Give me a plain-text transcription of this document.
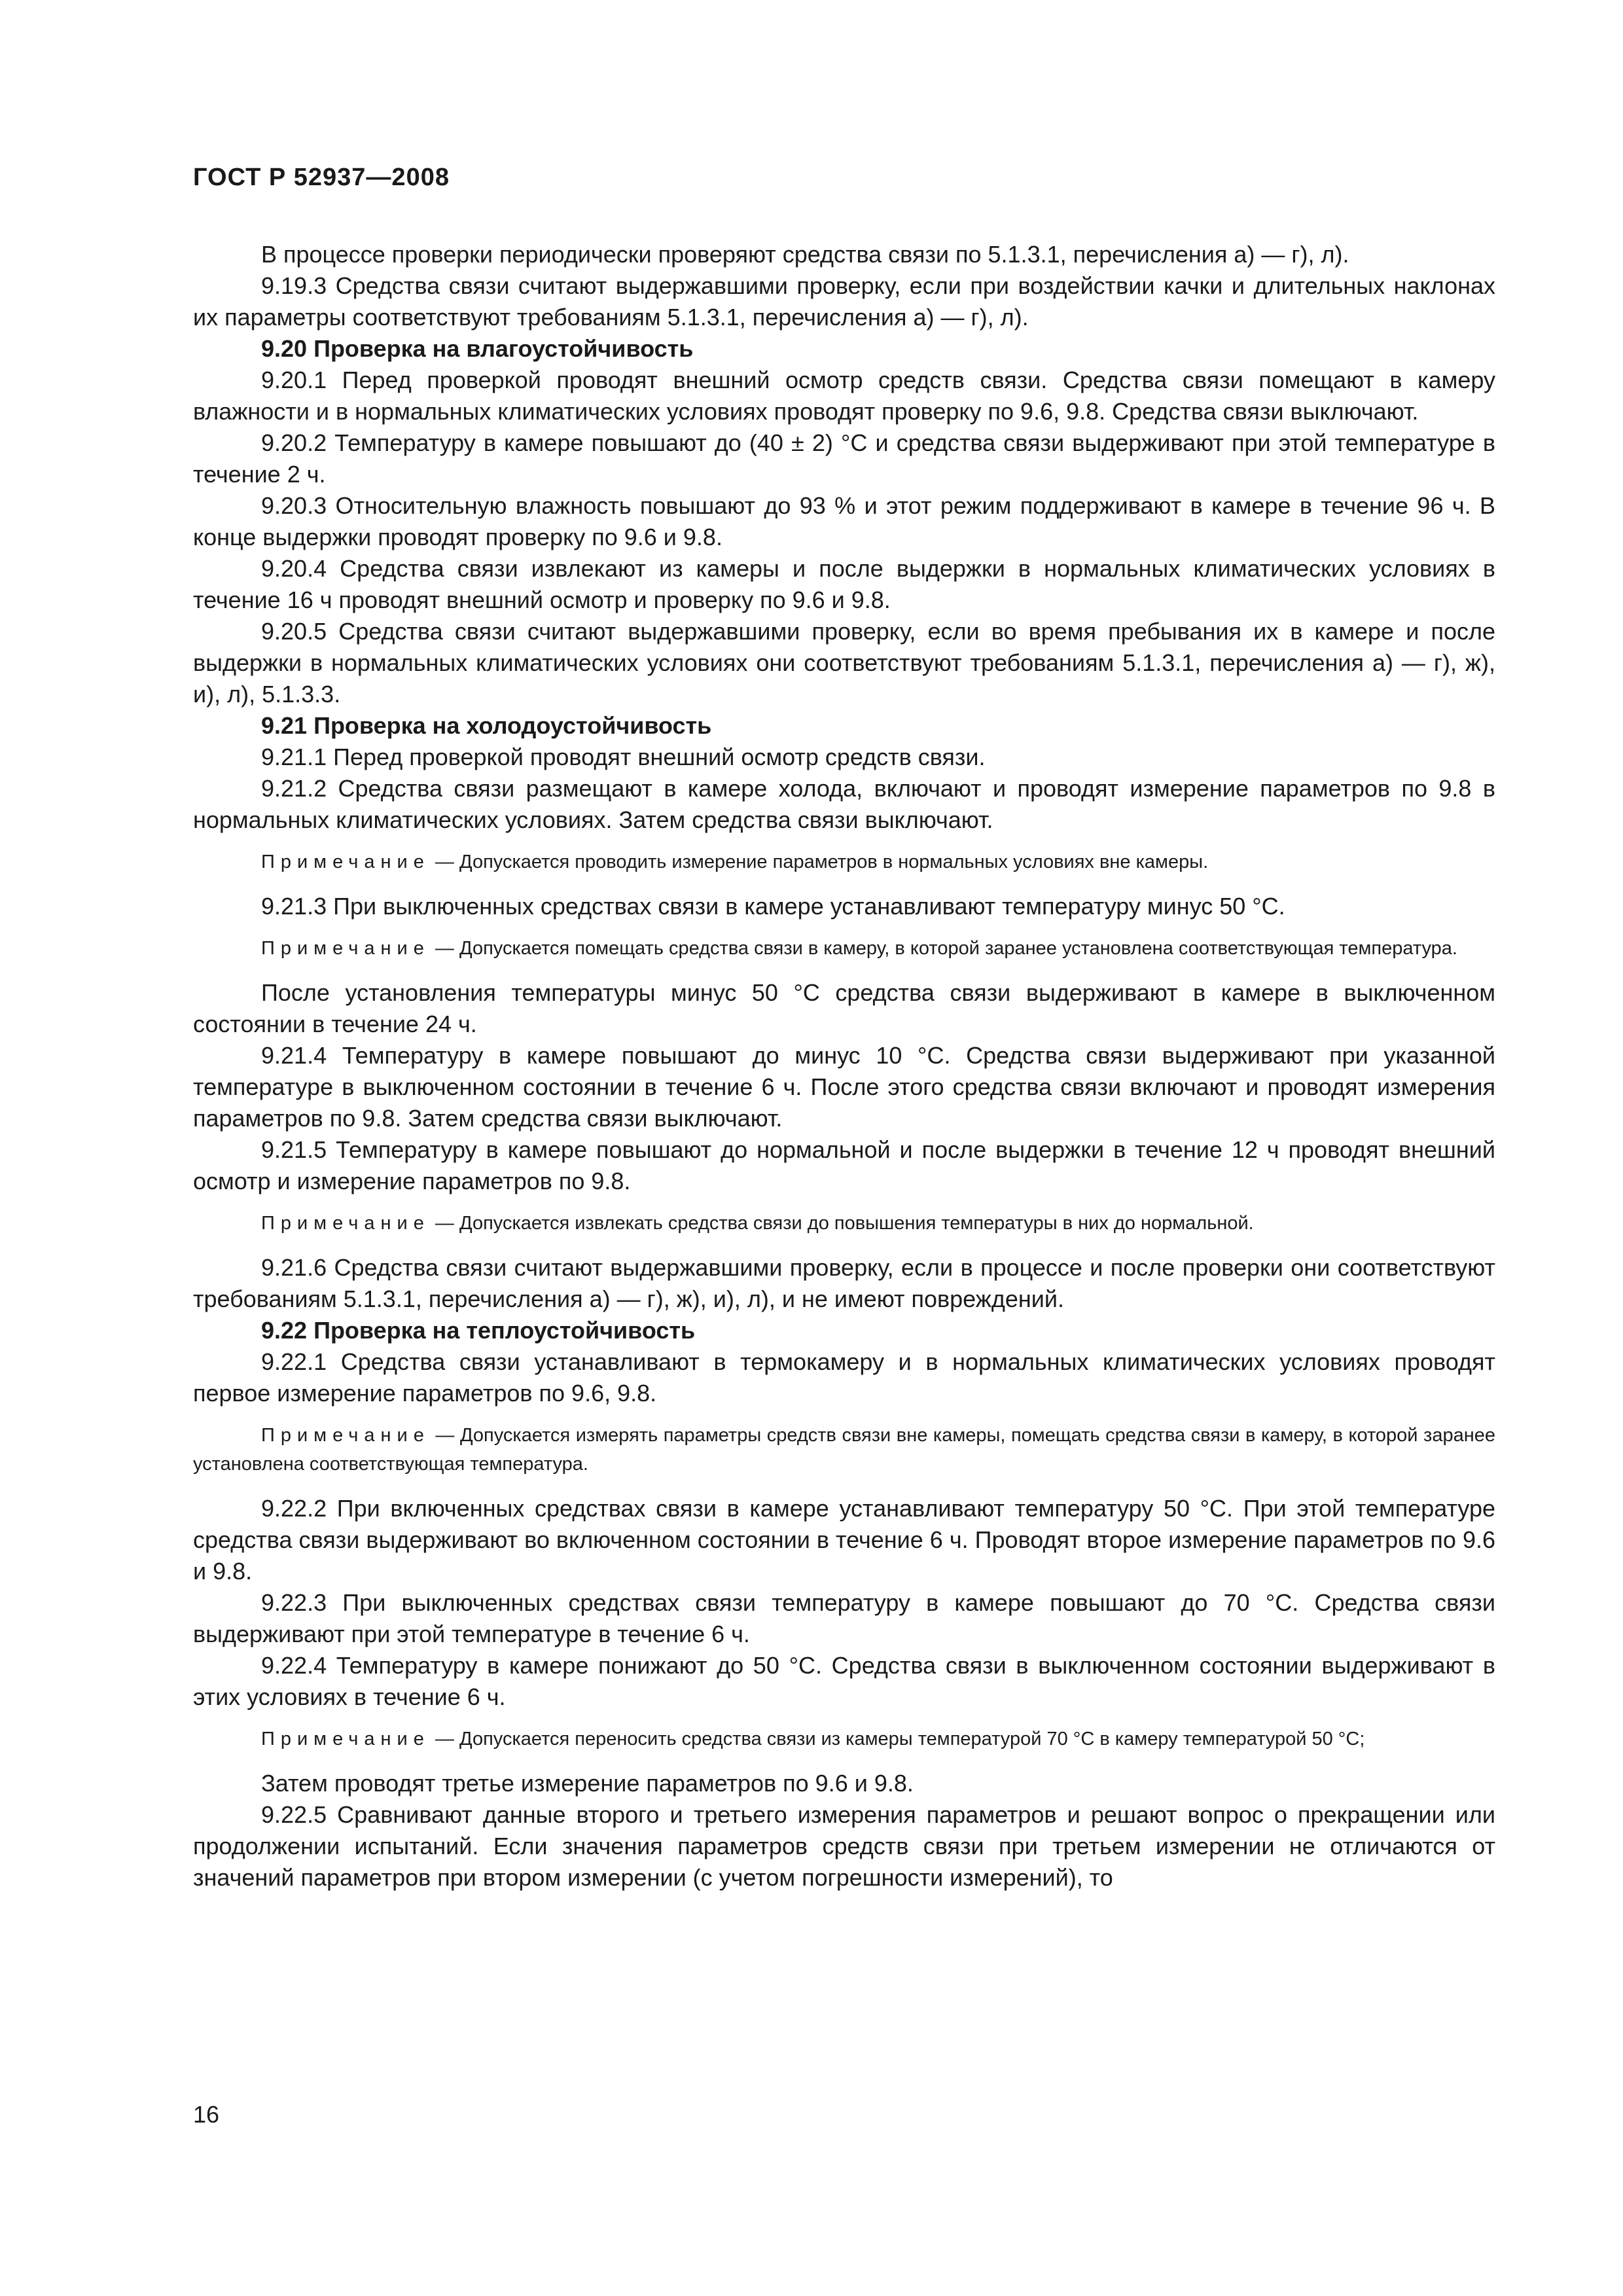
ГОСТ Р 52937—2008

В процессе проверки периодически проверяют средства связи по 5.1.3.1, перечисления а) — г), л).

9.19.3 Средства связи считают выдержавшими проверку, если при воздействии качки и длительных наклонах их параметры соответствуют требованиям 5.1.3.1, перечисления а) — г), л).

9.20 Проверка на влагоустойчивость

9.20.1 Перед проверкой проводят внешний осмотр средств связи. Средства связи помещают в камеру влажности и в нормальных климатических условиях проводят проверку по 9.6, 9.8. Средства связи выключают.

9.20.2 Температуру в камере повышают до (40 ± 2) °С и средства связи выдерживают при этой температуре в течение 2 ч.

9.20.3 Относительную влажность повышают до 93 % и этот режим поддерживают в камере в течение 96 ч. В конце выдержки проводят проверку по 9.6 и 9.8.

9.20.4 Средства связи извлекают из камеры и после выдержки в нормальных климатических условиях в течение 16 ч проводят внешний осмотр и проверку по 9.6 и 9.8.

9.20.5 Средства связи считают выдержавшими проверку, если во время пребывания их в камере и после выдержки в нормальных климатических условиях они соответствуют требованиям 5.1.3.1, перечисления а) — г), ж), и), л), 5.1.3.3.

9.21 Проверка на холодоустойчивость

9.21.1 Перед проверкой проводят внешний осмотр средств связи.

9.21.2 Средства связи размещают в камере холода, включают и проводят измерение параметров по 9.8 в нормальных климатических условиях. Затем средства связи выключают.

Примечание — Допускается проводить измерение параметров в нормальных условиях вне камеры.

9.21.3 При выключенных средствах связи в камере устанавливают температуру минус 50 °С.

Примечание — Допускается помещать средства связи в камеру, в которой заранее установлена соответствующая температура.

После установления температуры минус 50 °С средства связи выдерживают в камере в выключенном состоянии в течение 24 ч.

9.21.4 Температуру в камере повышают до минус 10 °С. Средства связи выдерживают при указанной температуре в выключенном состоянии в течение 6 ч. После этого средства связи включают и проводят измерения параметров по 9.8. Затем средства связи выключают.

9.21.5 Температуру в камере повышают до нормальной и после выдержки в течение 12 ч проводят внешний осмотр и измерение параметров по 9.8.

Примечание — Допускается извлекать средства связи до повышения температуры в них до нормальной.

9.21.6 Средства связи считают выдержавшими проверку, если в процессе и после проверки они соответствуют требованиям 5.1.3.1, перечисления а) — г), ж), и), л), и не имеют повреждений.

9.22 Проверка на теплоустойчивость

9.22.1 Средства связи устанавливают в термокамеру и в нормальных климатических условиях проводят первое измерение параметров по 9.6, 9.8.

Примечание — Допускается измерять параметры средств связи вне камеры, помещать средства связи в камеру, в которой заранее установлена соответствующая температура.

9.22.2 При включенных средствах связи в камере устанавливают температуру 50 °С. При этой температуре средства связи выдерживают во включенном состоянии в течение 6 ч. Проводят второе измерение параметров по 9.6 и 9.8.

9.22.3 При выключенных средствах связи температуру в камере повышают до 70 °С. Средства связи выдерживают при этой температуре в течение 6 ч.

9.22.4 Температуру в камере понижают до 50 °С. Средства связи в выключенном состоянии выдерживают в этих условиях в течение 6 ч.

Примечание — Допускается переносить средства связи из камеры температурой 70 °С в камеру температурой 50 °С;

Затем проводят третье измерение параметров по 9.6 и 9.8.

9.22.5 Сравнивают данные второго и третьего измерения параметров и решают вопрос о прекращении или продолжении испытаний. Если значения параметров средств связи при третьем измерении не отличаются от значений параметров при втором измерении (с учетом погрешности измерений), то

16
